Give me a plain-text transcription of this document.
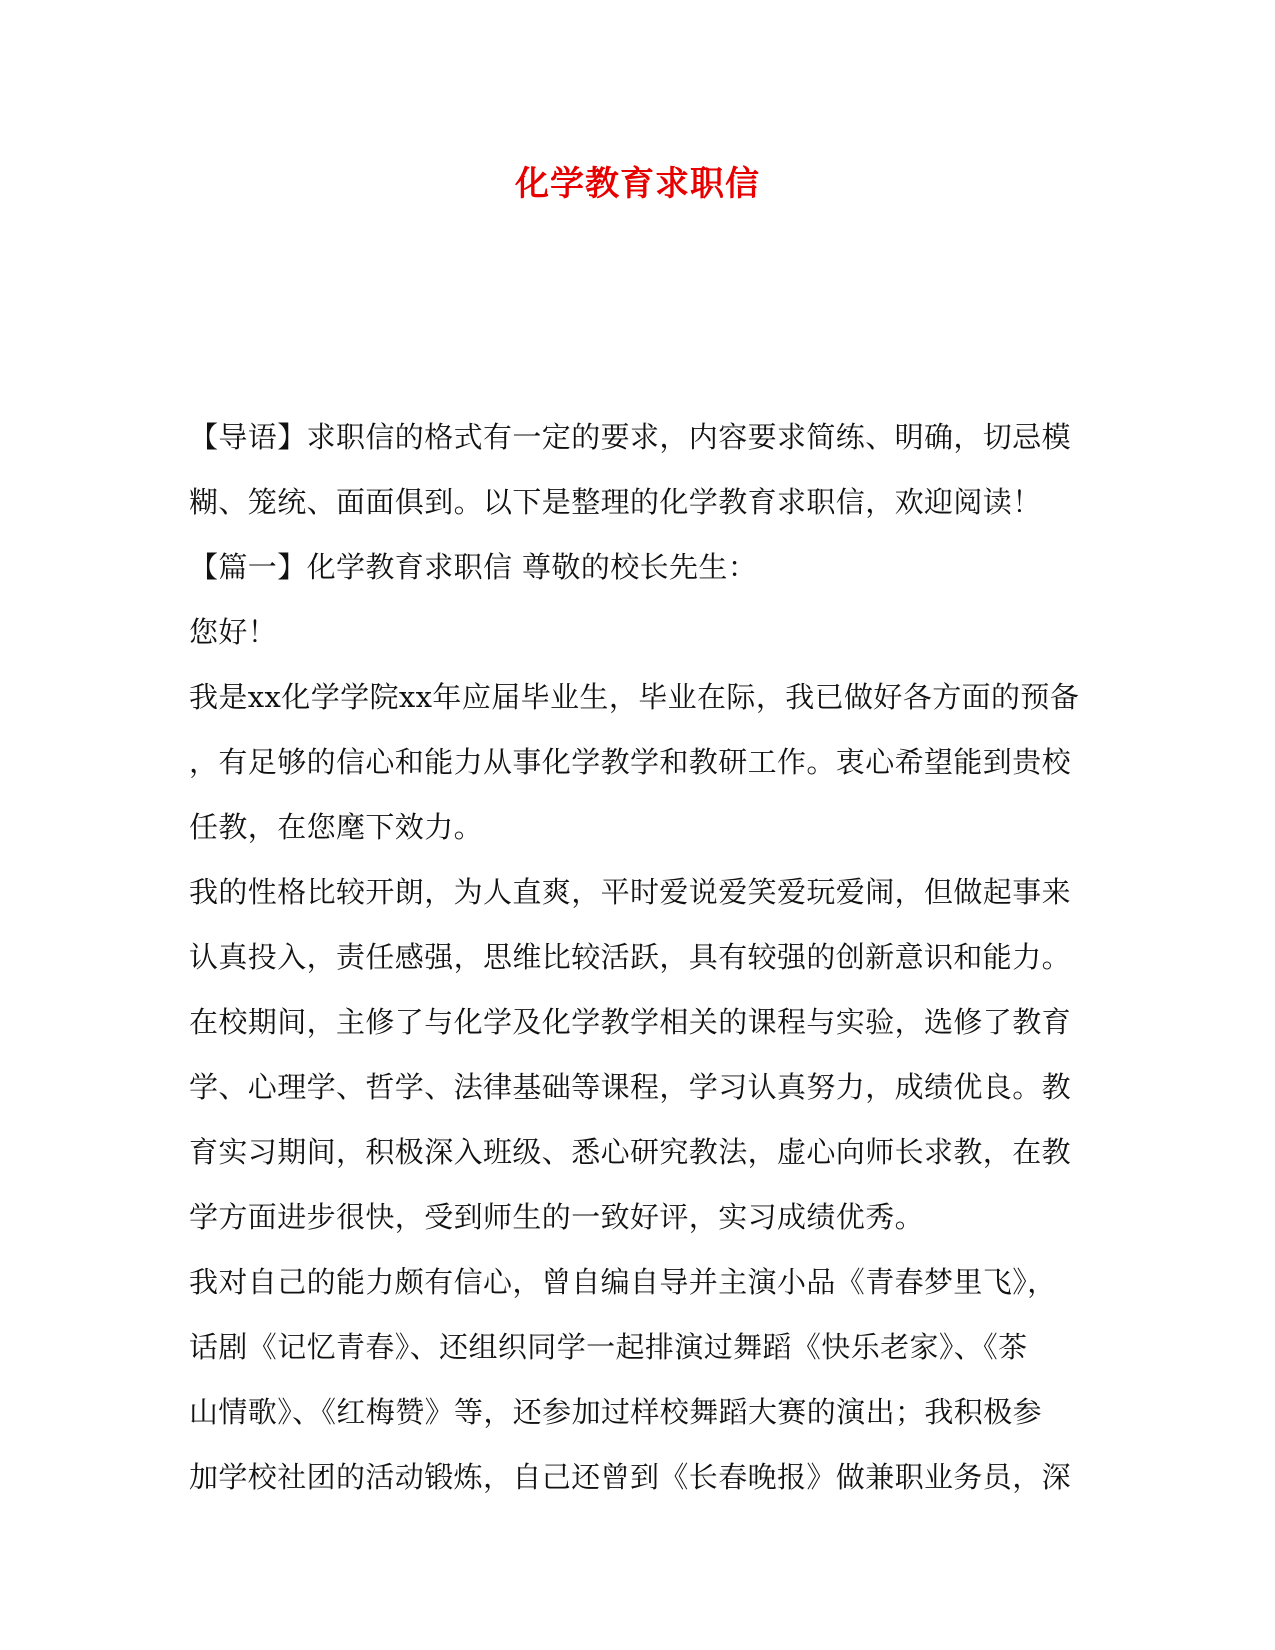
化学教育求职信
【导语】求职信的格式有一定的要求，内容要求简练、明确，切忌模
糊、笼统、面面俱到。以下是整理的化学教育求职信，欢迎阅读！
【篇一】化学教育求职信 尊敬的校长先生：
您好！
我是xx化学学院xx年应届毕业生，毕业在际，我已做好各方面的预备
，有足够的信心和能力从事化学教学和教研工作。衷心希望能到贵校
任教，在您麾下效力。
我的性格比较开朗，为人直爽，平时爱说爱笑爱玩爱闹，但做起事来
认真投入，责任感强，思维比较活跃，具有较强的创新意识和能力。
在校期间，主修了与化学及化学教学相关的课程与实验，选修了教育
学、心理学、哲学、法律基础等课程，学习认真努力，成绩优良。教
育实习期间，积极深入班级、悉心研究教法，虚心向师长求教，在教
学方面进步很快，受到师生的一致好评，实习成绩优秀。
我对自己的能力颇有信心，曾自编自导并主演小品《青春梦里飞》，
话剧《记忆青春》、还组织同学一起排演过舞蹈《快乐老家》、《茶
山情歌》、《红梅赞》等，还参加过样校舞蹈大赛的演出；我积极参
加学校社团的活动锻炼，自己还曾到《长春晚报》做兼职业务员，深
